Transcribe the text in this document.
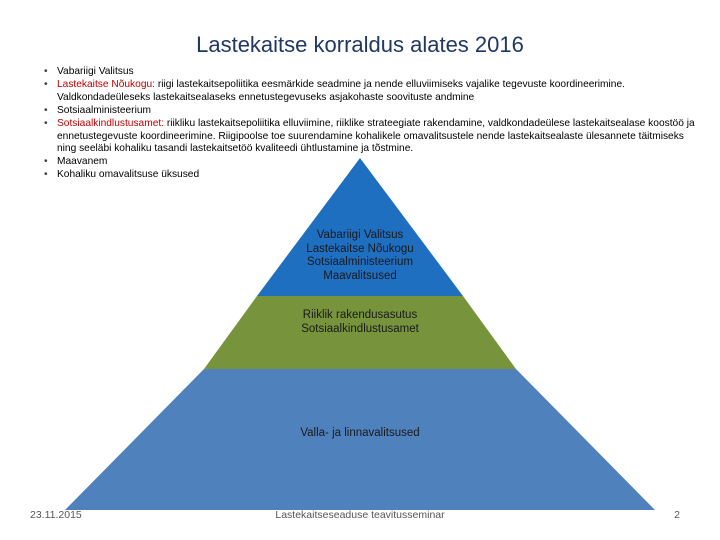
Lastekaitse korraldus alates 2016
• Vabariigi Valitsus
• Lastekaitse Nõukogu: riigi lastekaitsepoliitika eesmärkide seadmine ja nende elluviimiseks vajalike tegevuste koordineerimine. Valdkondadeüleseks lastekaitsealaseks ennetustegevuseks asjakohaste soovituste andmine
• Sotsiaalministeerium
• Sotsiaalkindlustusamet: riikliku lastekaitsepoliitika elluviimine, riiklike strateegiate rakendamine, valdkondadeülese lastekaitsealase koostöö ja ennetustegevuste koordineerimine. Riigipoolse toe suurendamine kohalikele omavalitsustele nende lastekaitsealaste ülesannete täitmiseks ning seeläbi kohaliku tasandi lastekaitsetöö kvaliteedi ühtlustamine ja tõstmine.
• Maavanem
• Kohaliku omavalitsuse üksused
Vabariigi Valitsus
Lastekaitse Nõukogu
Sotsiaalministeerium
Maavalitsused
Riiklik rakendusasutus
Sotsiaalkindlustusamet
Valla- ja linnavalitsused
23.11.2015	Lastekaitseseaduse teavitusseminar	2
